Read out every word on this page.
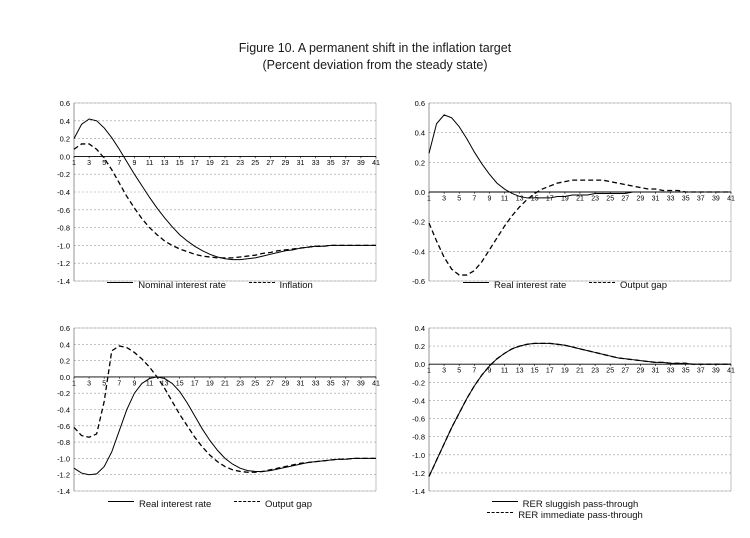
Figure 10. A permanent shift in the inflation target
(Percent deviation from the steady state)
-1.4
-1.2
-1.0
-0.8
-0.6
-0.4
-0.2
0.0
0.2
0.4
0.6
1 3 5 7 9 11 13 15 17 19 21 23 25 27 29 31 33 35 37 39 41
Nominal interest rate	Inflation	-0.6
-0.4
-0.2
0.0
0.2
0.4
0.6
1 3 5 7 9 11 13 15 17 19 21 23 25 27 29 31 33 35 37 39 41
Real interest rate	Output gap
-1.4
-1.2
-1.0
-0.8
-0.6
-0.4
-0.2
0.0
0.2
0.4
0.6
1 3 5 7 9 11 13 15 17 19 21 23 25 27 29 31 33 35 37 39 41
Real interest rate	Output gap
-1.4
-1.2
-1.0
-0.8
-0.6
-0.4
-0.2
0.0
0.2
0.4
1 3 5 7 9 11 13 15 17 19 21 23 25 27 29 31 33 35 37 39 41
RER sluggish pass-through RER immediate pass-through
